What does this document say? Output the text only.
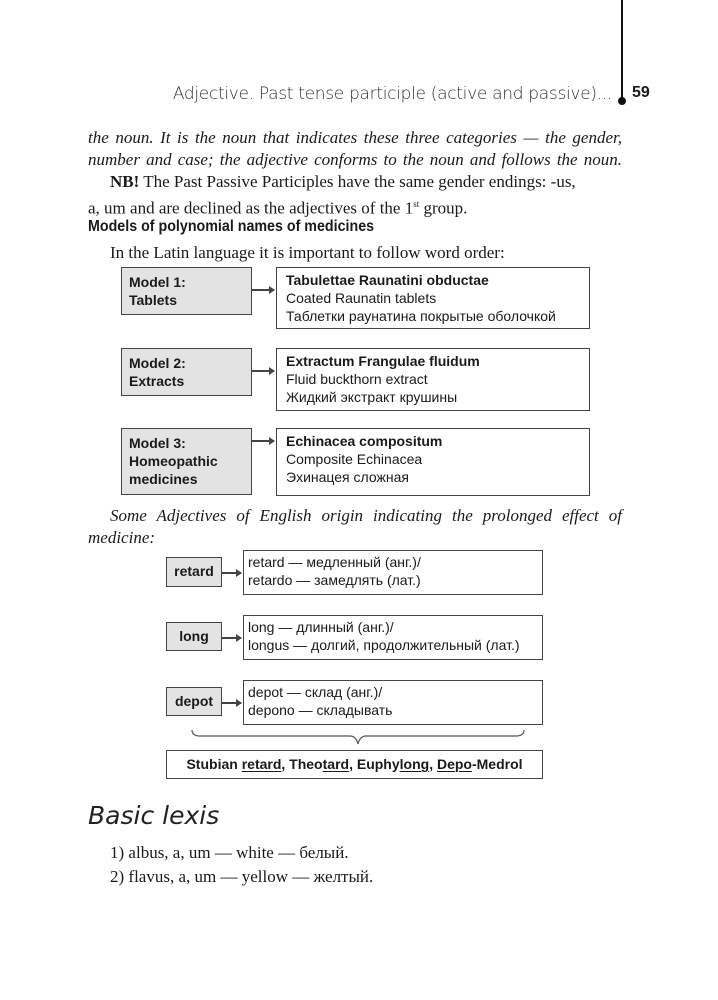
Adjective. Past tense participle (active and passive)... 59
the noun. It is the noun that indicates these three categories — the gender,
number and case; the adjective conforms to the noun and follows the noun.
NB! The Past Passive Participles have the same gender endings: -us,
a, um and are declined as the adjectives of the 1st group.
Models of polynomial names of medicines
In the Latin language it is important to follow word order:
Model 1:
Tablets
Tabulettae Raunatini obductae
Coated Raunatin tablets
Таблетки раунатина покрытые оболочкой
Model 2:
Extracts
Extractum Frangulae fluidum
Fluid buckthorn extract
Жидкий экстракт крушины
Model 3:
Homeopathic
medicines
Echinacea compositum
Composite Echinacea
Эхинацея сложная
Some Adjectives of English origin indicating the prolonged effect of
medicine:
retard
retard — медленный (анг.)/
retardo — замедлять (лат.)
long
long — длинный (анг.)/
longus — долгий, продолжительный (лат.)
depot
depot — склад (анг.)/
depono — складывать
Stubian retard, Theotard, Euphylong, Depo-Medrol
Basic lexis
1) albus, a, um — white — белый.
2) flavus, a, um — yellow — желтый.
